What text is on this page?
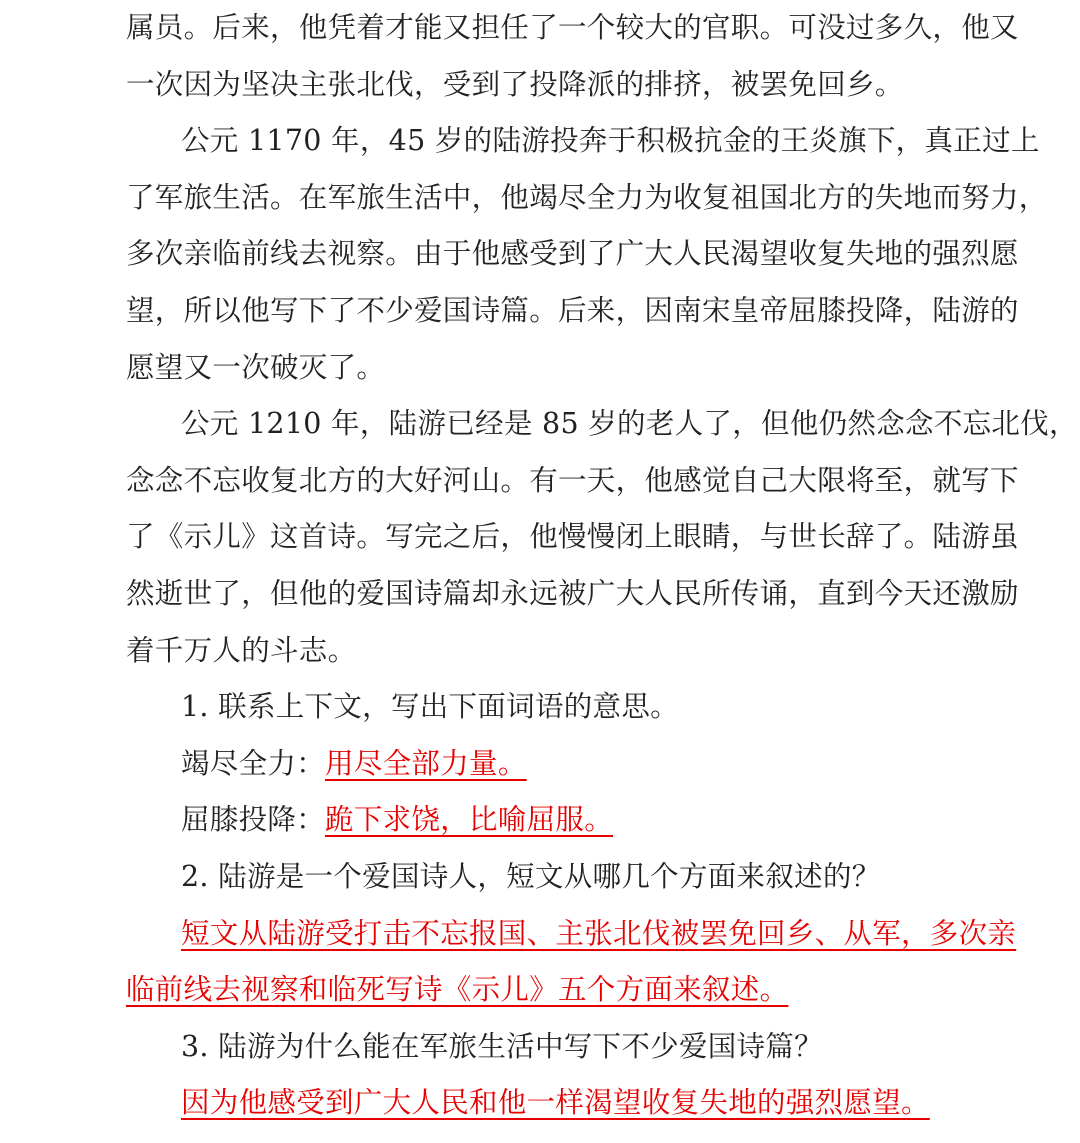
属员。后来，他凭着才能又担任了一个较大的官职。可没过多久，他又
一次因为坚决主张北伐，受到了投降派的排挤，被罢免回乡。
公元 1170 年，45 岁的陆游投奔于积极抗金的王炎旗下，真正过上
了军旅生活。在军旅生活中，他竭尽全力为收复祖国北方的失地而努力，
多次亲临前线去视察。由于他感受到了广大人民渴望收复失地的强烈愿
望，所以他写下了不少爱国诗篇。后来，因南宋皇帝屈膝投降，陆游的
愿望又一次破灭了。
公元 1210 年，陆游已经是 85 岁的老人了，但他仍然念念不忘北伐，
念念不忘收复北方的大好河山。有一天，他感觉自己大限将至，就写下
了《示儿》这首诗。写完之后，他慢慢闭上眼睛，与世长辞了。陆游虽
然逝世了，但他的爱国诗篇却永远被广大人民所传诵，直到今天还激励
着千万人的斗志。
1. 联系上下文，写出下面词语的意思。
竭尽全力：用尽全部力量。
屈膝投降：跪下求饶，比喻屈服。
2. 陆游是一个爱国诗人，短文从哪几个方面来叙述的？
短文从陆游受打击不忘报国、主张北伐被罢免回乡、从军，多次亲
临前线去视察和临死写诗《示儿》五个方面来叙述。
3. 陆游为什么能在军旅生活中写下不少爱国诗篇？
因为他感受到广大人民和他一样渴望收复失地的强烈愿望。
